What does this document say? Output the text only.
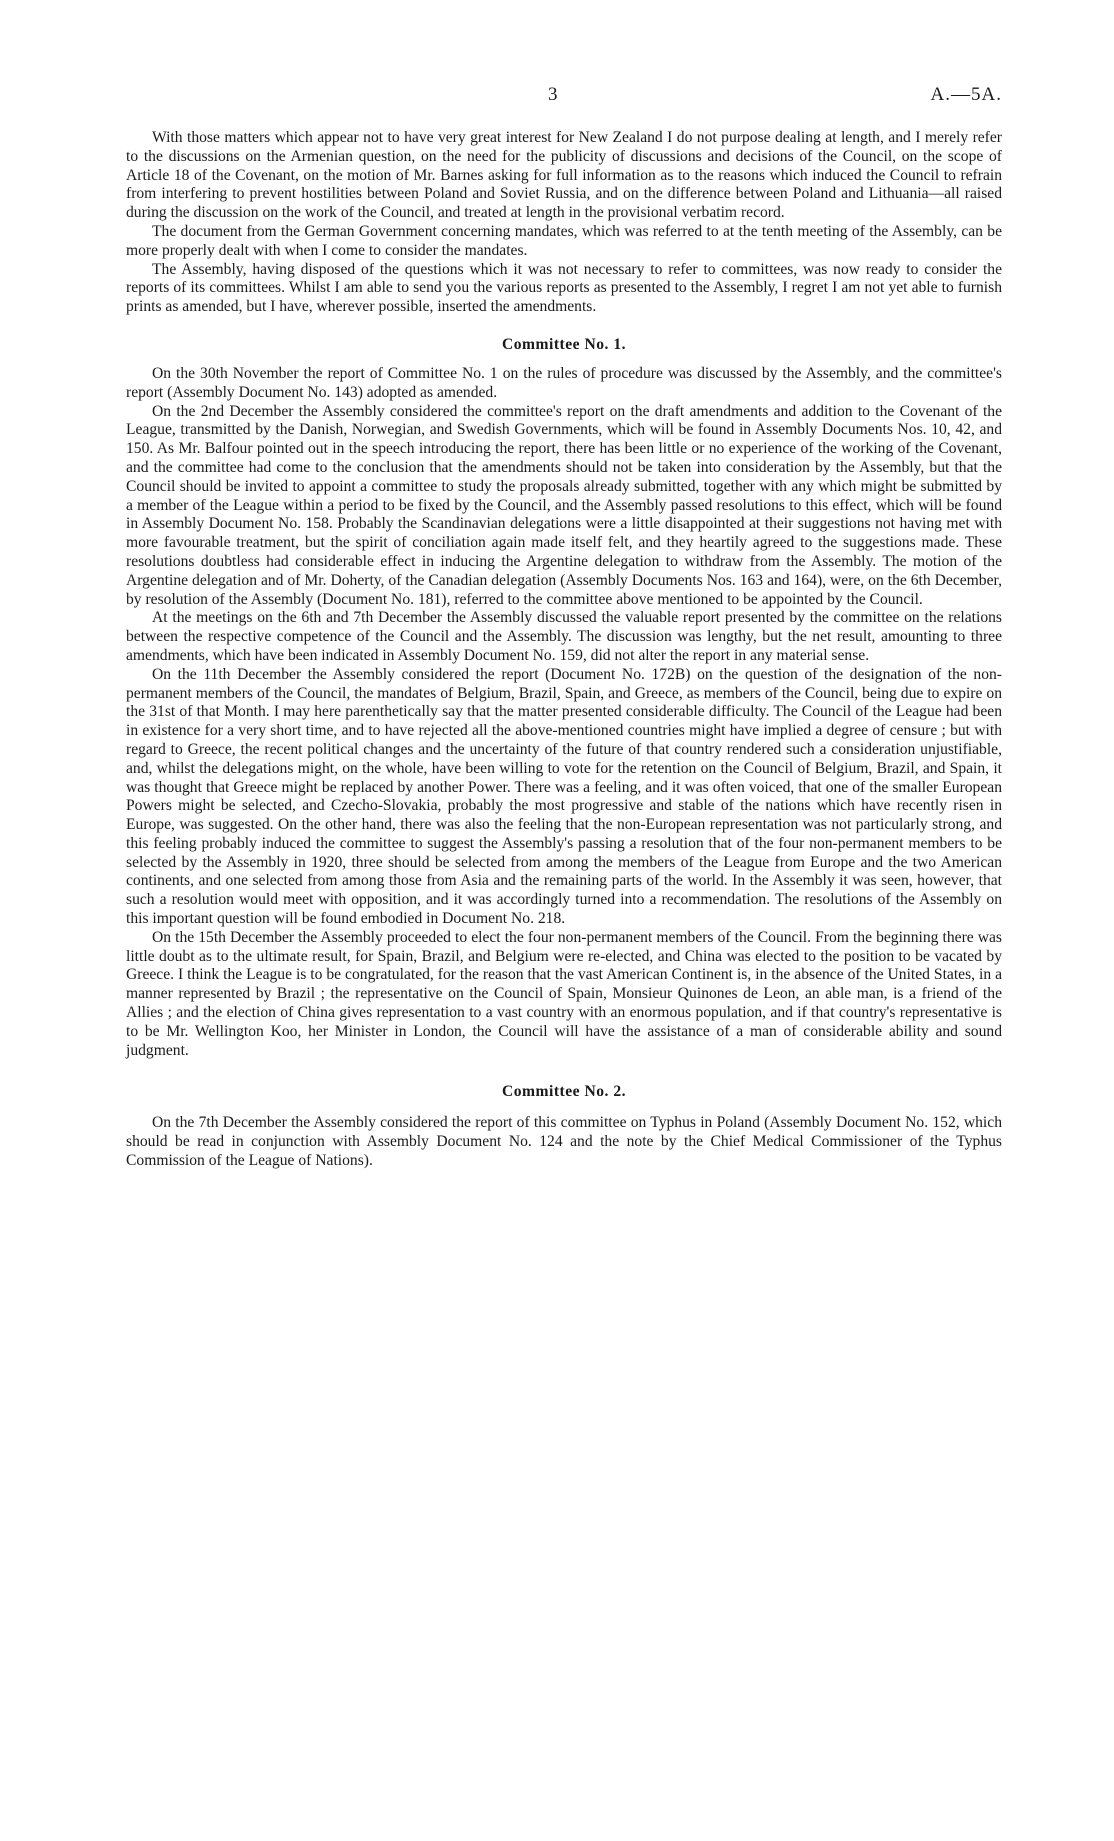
3	A.—5A.

With those matters which appear not to have very great interest for New Zealand I do not purpose dealing at length, and I merely refer to the discussions on the Armenian question, on the need for the publicity of discussions and decisions of the Council, on the scope of Article 18 of the Covenant, on the motion of Mr. Barnes asking for full information as to the reasons which induced the Council to refrain from interfering to prevent hostilities between Poland and Soviet Russia, and on the difference between Poland and Lithuania—all raised during the discussion on the work of the Council, and treated at length in the provisional verbatim record.

The document from the German Government concerning mandates, which was referred to at the tenth meeting of the Assembly, can be more properly dealt with when I come to consider the mandates.

The Assembly, having disposed of the questions which it was not necessary to refer to committees, was now ready to consider the reports of its committees. Whilst I am able to send you the various reports as presented to the Assembly, I regret I am not yet able to furnish prints as amended, but I have, wherever possible, inserted the amendments.

Committee No. 1.

On the 30th November the report of Committee No. 1 on the rules of procedure was discussed by the Assembly, and the committee's report (Assembly Document No. 143) adopted as amended.

On the 2nd December the Assembly considered the committee's report on the draft amendments and addition to the Covenant of the League, transmitted by the Danish, Norwegian, and Swedish Governments, which will be found in Assembly Documents Nos. 10, 42, and 150. As Mr. Balfour pointed out in the speech introducing the report, there has been little or no experience of the working of the Covenant, and the committee had come to the conclusion that the amendments should not be taken into consideration by the Assembly, but that the Council should be invited to appoint a committee to study the proposals already submitted, together with any which might be submitted by a member of the League within a period to be fixed by the Council, and the Assembly passed resolutions to this effect, which will be found in Assembly Document No. 158. Probably the Scandinavian delegations were a little disappointed at their suggestions not having met with more favourable treatment, but the spirit of conciliation again made itself felt, and they heartily agreed to the suggestions made. These resolutions doubtless had considerable effect in inducing the Argentine delegation to withdraw from the Assembly. The motion of the Argentine delegation and of Mr. Doherty, of the Canadian delegation (Assembly Documents Nos. 163 and 164), were, on the 6th December, by resolution of the Assembly (Document No. 181), referred to the committee above mentioned to be appointed by the Council.

At the meetings on the 6th and 7th December the Assembly discussed the valuable report presented by the committee on the relations between the respective competence of the Council and the Assembly. The discussion was lengthy, but the net result, amounting to three amendments, which have been indicated in Assembly Document No. 159, did not alter the report in any material sense.

On the 11th December the Assembly considered the report (Document No. 172B) on the question of the designation of the non-permanent members of the Council, the mandates of Belgium, Brazil, Spain, and Greece, as members of the Council, being due to expire on the 31st of that Month. I may here parenthetically say that the matter presented considerable difficulty. The Council of the League had been in existence for a very short time, and to have rejected all the above-mentioned countries might have implied a degree of censure ; but with regard to Greece, the recent political changes and the uncertainty of the future of that country rendered such a consideration unjustifiable, and, whilst the delegations might, on the whole, have been willing to vote for the retention on the Council of Belgium, Brazil, and Spain, it was thought that Greece might be replaced by another Power. There was a feeling, and it was often voiced, that one of the smaller European Powers might be selected, and Czecho-Slovakia, probably the most progressive and stable of the nations which have recently risen in Europe, was suggested. On the other hand, there was also the feeling that the non-European representation was not particularly strong, and this feeling probably induced the committee to suggest the Assembly's passing a resolution that of the four non-permanent members to be selected by the Assembly in 1920, three should be selected from among the members of the League from Europe and the two American continents, and one selected from among those from Asia and the remaining parts of the world. In the Assembly it was seen, however, that such a resolution would meet with opposition, and it was accordingly turned into a recommendation. The resolutions of the Assembly on this important question will be found embodied in Document No. 218.

On the 15th December the Assembly proceeded to elect the four non-permanent members of the Council. From the beginning there was little doubt as to the ultimate result, for Spain, Brazil, and Belgium were re-elected, and China was elected to the position to be vacated by Greece. I think the League is to be congratulated, for the reason that the vast American Continent is, in the absence of the United States, in a manner represented by Brazil ; the representative on the Council of Spain, Monsieur Quinones de Leon, an able man, is a friend of the Allies ; and the election of China gives representation to a vast country with an enormous population, and if that country's representative is to be Mr. Wellington Koo, her Minister in London, the Council will have the assistance of a man of considerable ability and sound judgment.

Committee No. 2.

On the 7th December the Assembly considered the report of this committee on Typhus in Poland (Assembly Document No. 152, which should be read in conjunction with Assembly Document No. 124 and the note by the Chief Medical Commissioner of the Typhus Commission of the League of Nations).
